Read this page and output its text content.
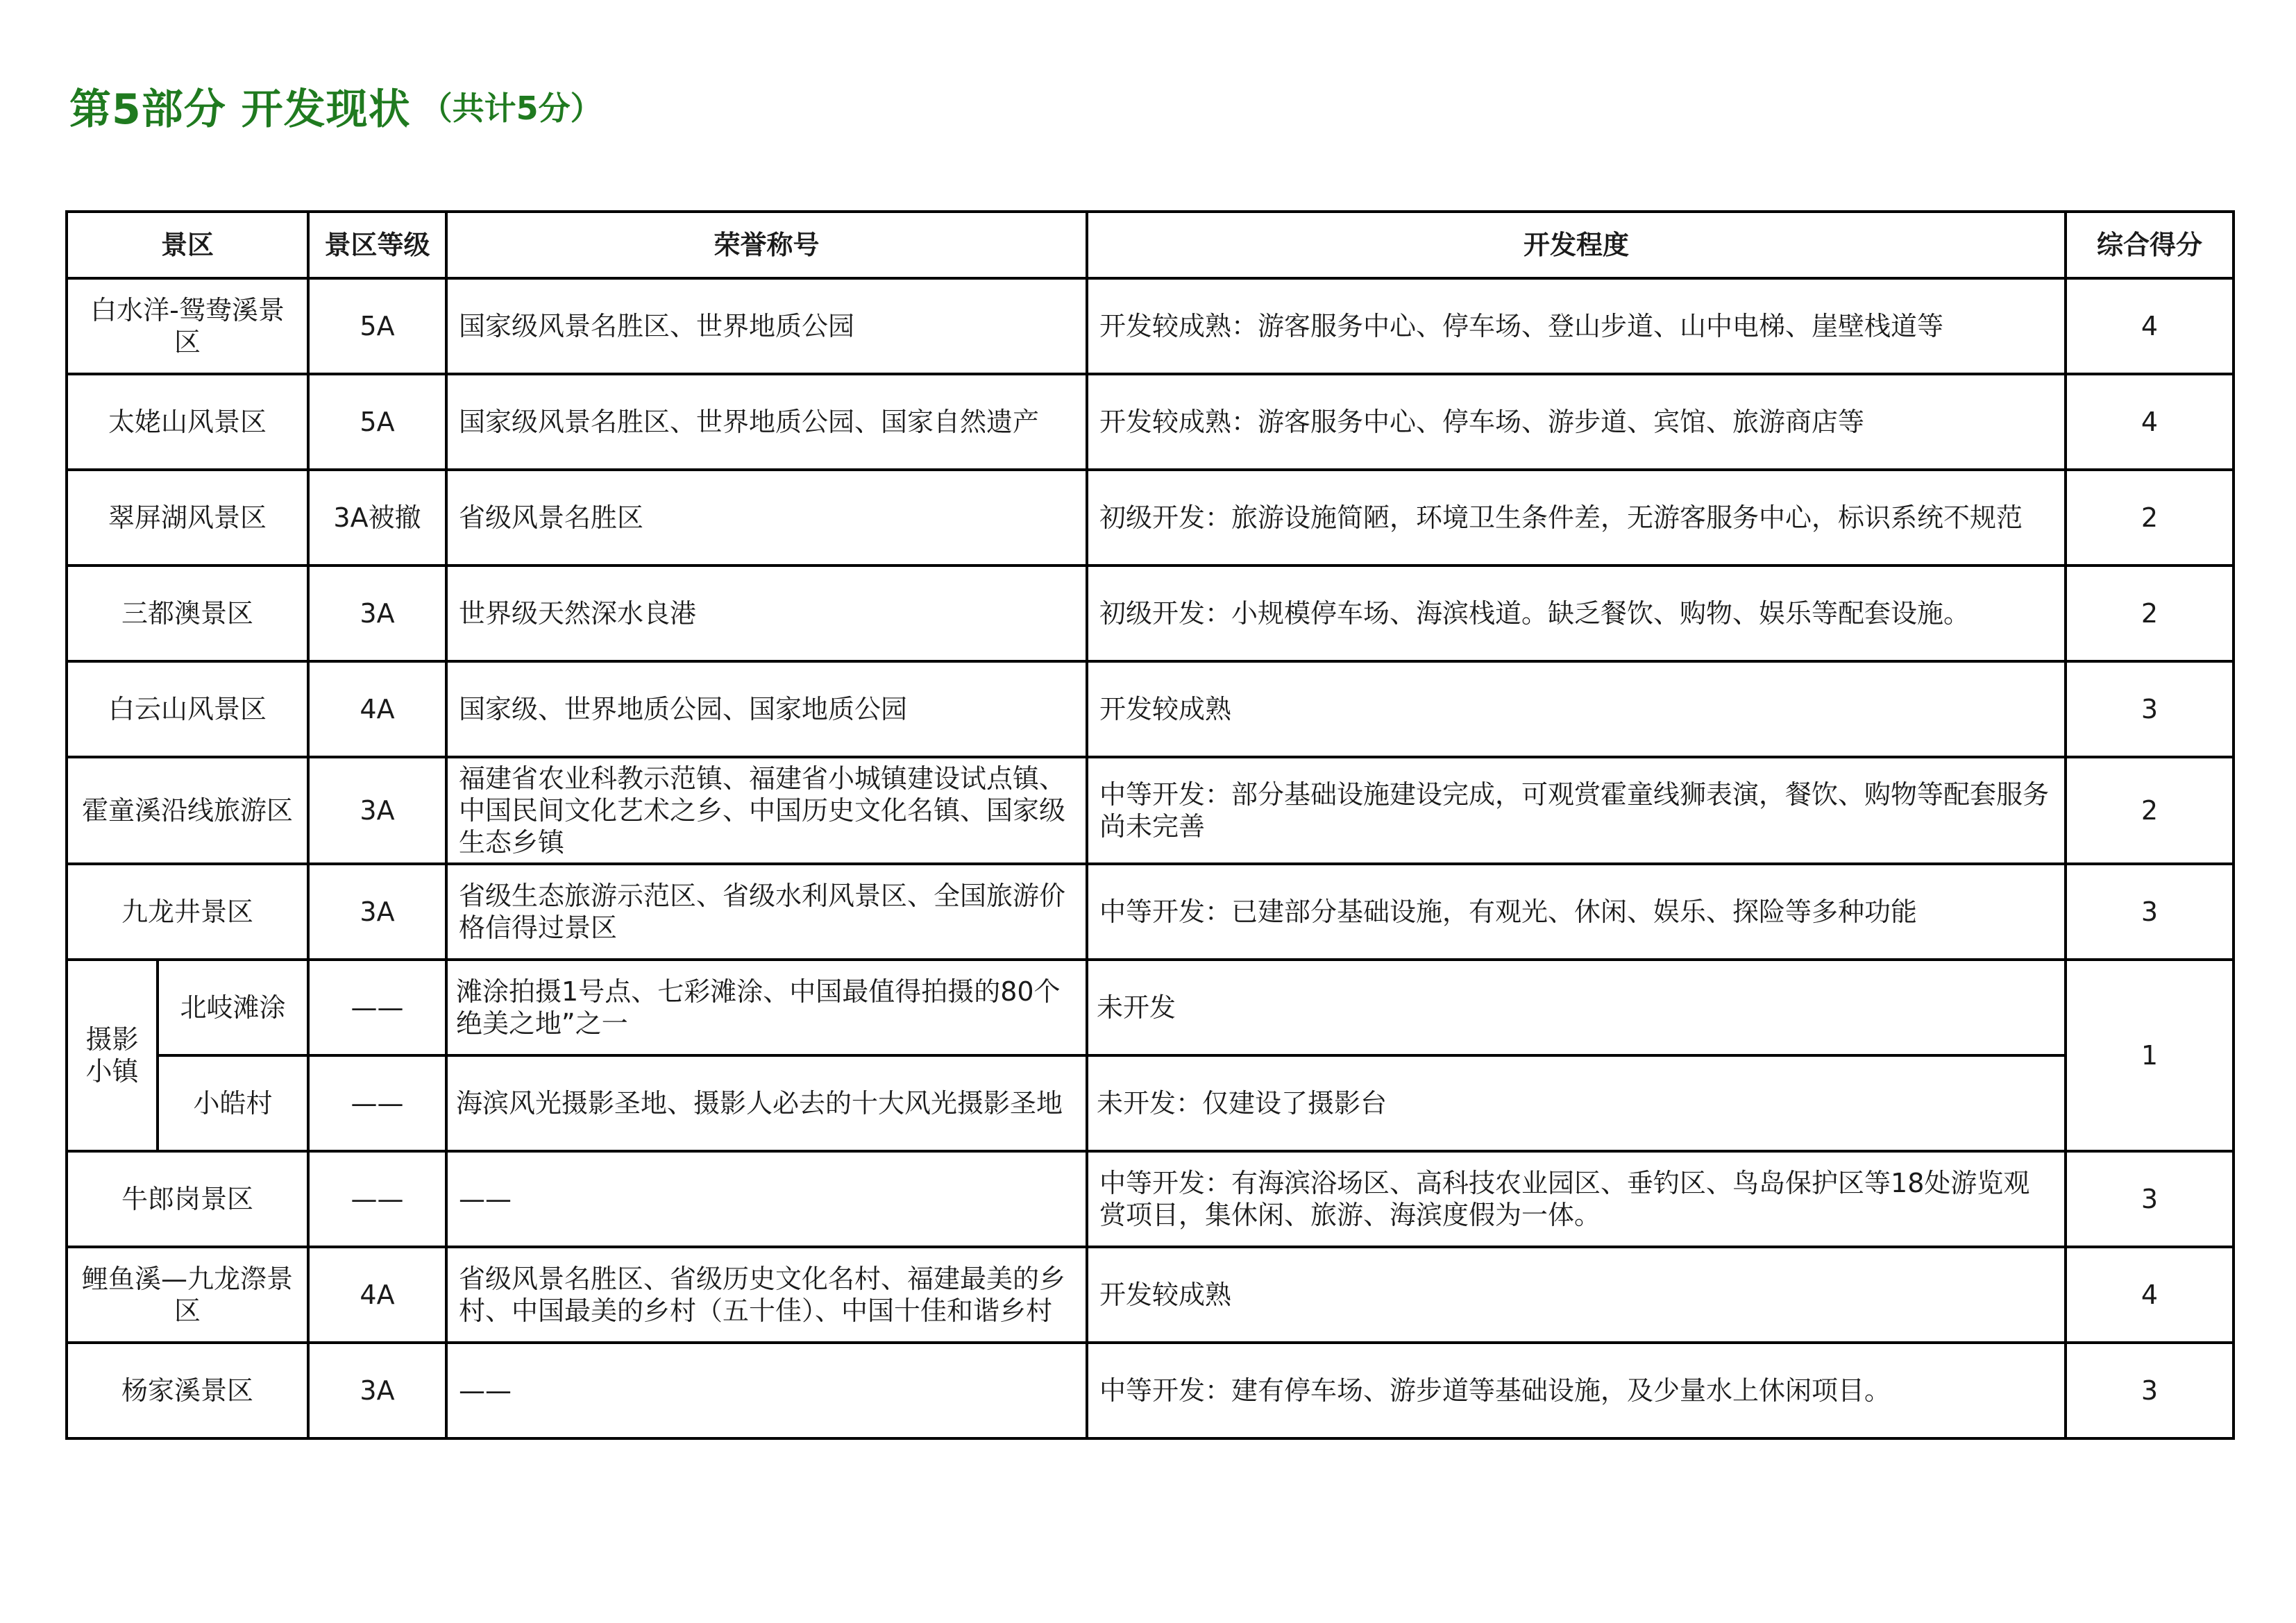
第5部分 开发现状 （共计5分）
景区		景区等级	荣誉称号	开发程度	综合得分
白水洋-鸳鸯溪景区		5A	国家级风景名胜区、世界地质公园	开发较成熟：游客服务中心、停车场、登山步道、山中电梯、崖壁栈道等	4
太姥山风景区		5A	国家级风景名胜区、世界地质公园、国家自然遗产	开发较成熟：游客服务中心、停车场、游步道、宾馆、旅游商店等	4
翠屏湖风景区		3A被撤	省级风景名胜区	初级开发：旅游设施简陋，环境卫生条件差，无游客服务中心，标识系统不规范	2
三都澳景区		3A	世界级天然深水良港	初级开发：小规模停车场、海滨栈道。缺乏餐饮、购物、娱乐等配套设施。	2
白云山风景区		4A	国家级、世界地质公园、国家地质公园	开发较成熟	3
霍童溪沿线旅游区		3A	福建省农业科教示范镇、福建省小城镇建设试点镇、中国民间文化艺术之乡、中国历史文化名镇、国家级生态乡镇	中等开发：部分基础设施建设完成，可观赏霍童线狮表演，餐饮、购物等配套服务尚未完善	2
九龙井景区		3A	省级生态旅游示范区、省级水利风景区、全国旅游价格信得过景区	中等开发：已建部分基础设施，有观光、休闲、娱乐、探险等多种功能	3
摄影小镇	北岐滩涂	——	滩涂拍摄1号点、七彩滩涂、中国最值得拍摄的80个绝美之地”之一	未开发	1
	小皓村	——	海滨风光摄影圣地、摄影人必去的十大风光摄影圣地	未开发：仅建设了摄影台	
牛郎岗景区		——	——	中等开发：有海滨浴场区、高科技农业园区、垂钓区、鸟岛保护区等18处游览观赏项目，集休闲、旅游、海滨度假为一体。	3
鲤鱼溪—九龙漈景区		4A	省级风景名胜区、省级历史文化名村、福建最美的乡村、中国最美的乡村（五十佳）、中国十佳和谐乡村	开发较成熟	4
杨家溪景区		3A	——	中等开发：建有停车场、游步道等基础设施，及少量水上休闲项目。	3
